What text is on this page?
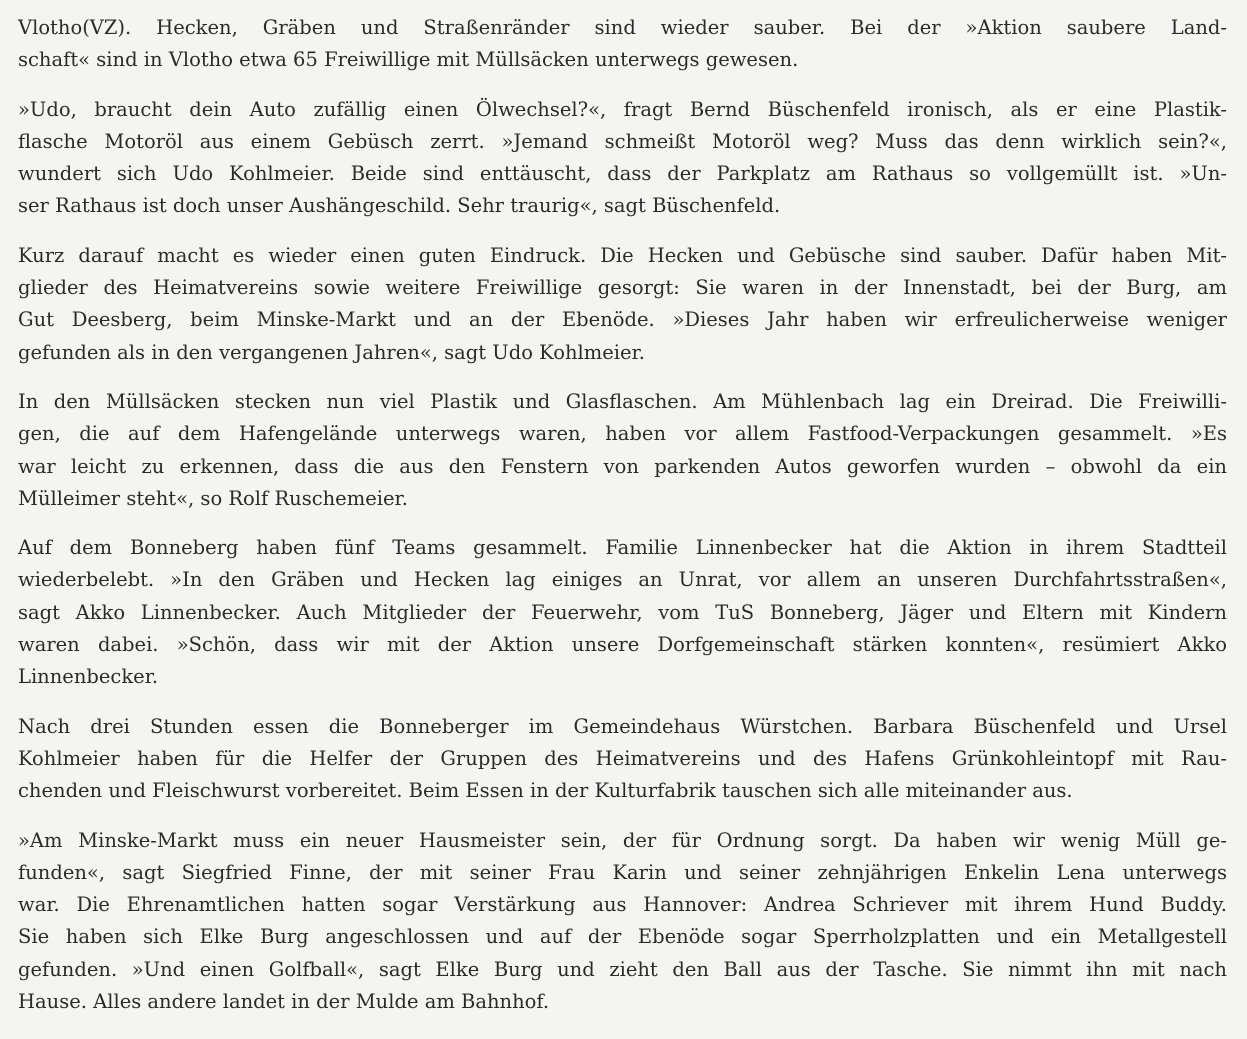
Vlotho(VZ). Hecken, Gräben und Straßenränder sind wieder sauber. Bei der »Aktion saubere Land-
schaft« sind in Vlotho etwa 65 Freiwillige mit Müllsäcken unterwegs gewesen.
»Udo, braucht dein Auto zufällig einen Ölwechsel?«, fragt Bernd Büschenfeld ironisch, als er eine Plastik-
flasche Motoröl aus einem Gebüsch zerrt. »Jemand schmeißt Motoröl weg? Muss das denn wirklich sein?«,
wundert sich Udo Kohlmeier. Beide sind enttäuscht, dass der Parkplatz am Rathaus so vollgemüllt ist. »Un-
ser Rathaus ist doch unser Aushängeschild. Sehr traurig«, sagt Büschenfeld.
Kurz darauf macht es wieder einen guten Eindruck. Die Hecken und Gebüsche sind sauber. Dafür haben Mit-
glieder des Heimatvereins sowie weitere Freiwillige gesorgt: Sie waren in der Innenstadt, bei der Burg, am
Gut Deesberg, beim Minske-Markt und an der Ebenöde. »Dieses Jahr haben wir erfreulicherweise weniger
gefunden als in den vergangenen Jahren«, sagt Udo Kohlmeier.
In den Müllsäcken stecken nun viel Plastik und Glasflaschen. Am Mühlenbach lag ein Dreirad. Die Freiwilli-
gen, die auf dem Hafengelände unterwegs waren, haben vor allem Fastfood-Verpackungen gesammelt. »Es
war leicht zu erkennen, dass die aus den Fenstern von parkenden Autos geworfen wurden – obwohl da ein
Mülleimer steht«, so Rolf Ruschemeier.
Auf dem Bonneberg haben fünf Teams gesammelt. Familie Linnenbecker hat die Aktion in ihrem Stadtteil
wiederbelebt. »In den Gräben und Hecken lag einiges an Unrat, vor allem an unseren Durchfahrtsstraßen«,
sagt Akko Linnenbecker. Auch Mitglieder der Feuerwehr, vom TuS Bonneberg, Jäger und Eltern mit Kindern
waren dabei. »Schön, dass wir mit der Aktion unsere Dorfgemeinschaft stärken konnten«, resümiert Akko
Linnenbecker.
Nach drei Stunden essen die Bonneberger im Gemeindehaus Würstchen. Barbara Büschenfeld und Ursel
Kohlmeier haben für die Helfer der Gruppen des Heimatvereins und des Hafens Grünkohleintopf mit Rau-
chenden und Fleischwurst vorbereitet. Beim Essen in der Kulturfabrik tauschen sich alle miteinander aus.
»Am Minske-Markt muss ein neuer Hausmeister sein, der für Ordnung sorgt. Da haben wir wenig Müll ge-
funden«, sagt Siegfried Finne, der mit seiner Frau Karin und seiner zehnjährigen Enkelin Lena unterwegs
war. Die Ehrenamtlichen hatten sogar Verstärkung aus Hannover: Andrea Schriever mit ihrem Hund Buddy.
Sie haben sich Elke Burg angeschlossen und auf der Ebenöde sogar Sperrholzplatten und ein Metallgestell
gefunden. »Und einen Golfball«, sagt Elke Burg und zieht den Ball aus der Tasche. Sie nimmt ihn mit nach
Hause. Alles andere landet in der Mulde am Bahnhof.
